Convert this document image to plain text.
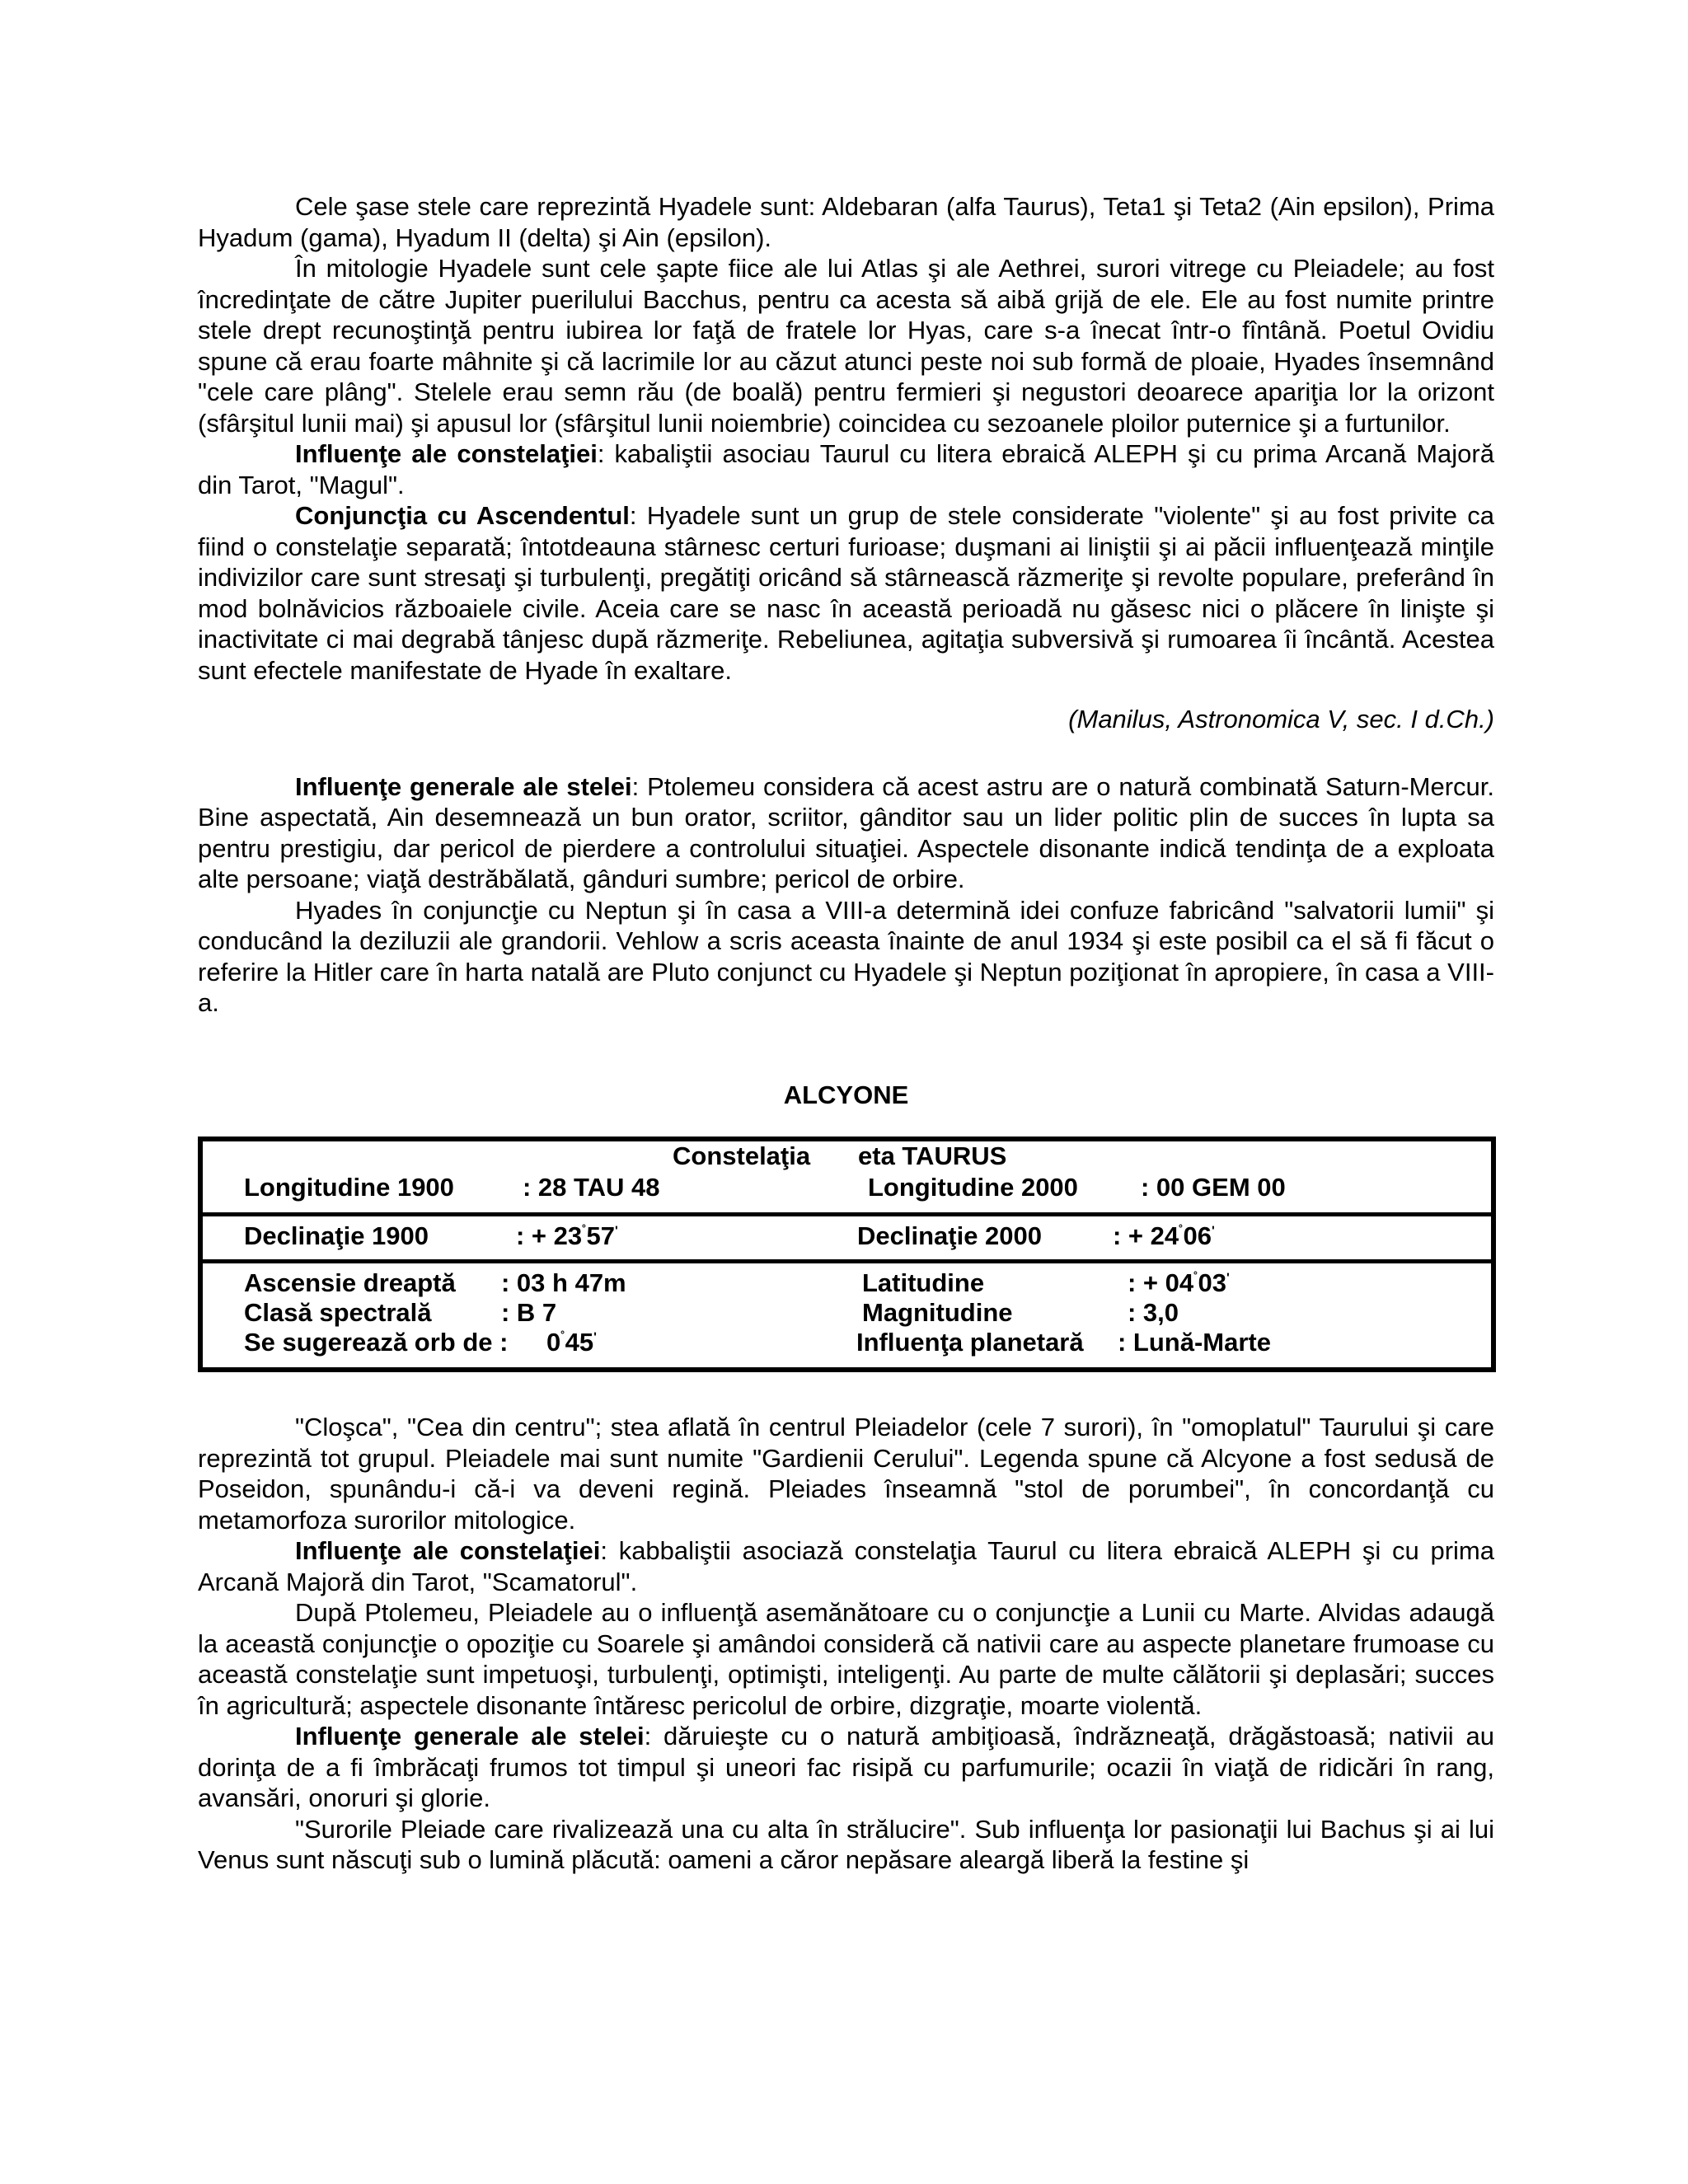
Cele şase stele care reprezintă Hyadele sunt: Aldebaran (alfa Taurus), Teta1 şi Teta2 (Ain epsilon), Prima Hyadum (gama), Hyadum II (delta) şi Ain (epsilon).

În mitologie Hyadele sunt cele şapte fiice ale lui Atlas şi ale Aethrei, surori vitrege cu Pleiadele; au fost încredinţate de către Jupiter puerilului Bacchus, pentru ca acesta să aibă grijă de ele. Ele au fost numite printre stele drept recunoştinţă pentru iubirea lor faţă de fratele lor Hyas, care s-a înecat într-o fîntână. Poetul Ovidiu spune că erau foarte mâhnite şi că lacrimile lor au căzut atunci peste noi sub formă de ploaie, Hyades însemnând "cele care plâng". Stelele erau semn rău (de boală) pentru fermieri şi negustori deoarece apariţia lor la orizont (sfârşitul lunii mai) şi apusul lor (sfârşitul lunii noiembrie) coincidea cu sezoanele ploilor puternice şi a furtunilor.

Influenţe ale constelaţiei: kabaliştii asociau Taurul cu litera ebraică ALEPH şi cu prima Arcană Majoră din Tarot, "Magul".

Conjuncţia cu Ascendentul: Hyadele sunt un grup de stele considerate "violente" şi au fost privite ca fiind o constelaţie separată; întotdeauna stârnesc certuri furioase; duşmani ai liniştii şi ai păcii influenţează minţile indivizilor care sunt stresaţi şi turbulenţi, pregătiţi oricând să stârnească răzmeriţe şi revolte populare, preferând în mod bolnăvicios războaiele civile. Aceia care se nasc în această perioadă nu găsesc nici o plăcere în linişte şi inactivitate ci mai degrabă tânjesc după răzmeriţe. Rebeliunea, agitaţia subversivă şi rumoarea îi încântă. Acestea sunt efectele manifestate de Hyade în exaltare.

(Manilus, Astronomica V, sec. I d.Ch.)

Influenţe generale ale stelei: Ptolemeu considera că acest astru are o natură combinată Saturn-Mercur. Bine aspectată, Ain desemnează un bun orator, scriitor, gânditor sau un lider politic plin de succes în lupta sa pentru prestigiu, dar pericol de pierdere a controlului situaţiei. Aspectele disonante indică tendinţa de a exploata alte persoane; viaţă destrăbălată, gânduri sumbre; pericol de orbire.

Hyades în conjuncţie cu Neptun şi în casa a VIII-a determină idei confuze fabricând "salvatorii lumii" şi conducând la deziluzii ale grandorii. Vehlow a scris aceasta înainte de anul 1934 şi este posibil ca el să fi făcut o referire la Hitler care în harta natală are Pluto conjunct cu Hyadele şi Neptun poziţionat în apropiere, în casa a VIII-a.

ALCYONE

Constelaţia eta TAURUS
Longitudine 1900	: 28 TAU 48	Longitudine 2000 : 00 GEM 00
Declinaţie 1900	: + $23^˚57^ʹ$	Declinaţie 2000	: + $24^˚06^ʹ$
Ascensie dreaptă : 03 h 47m	Latitudine	: + $04^˚03^ʹ$
Clasă spectrală	: B 7	Magnitudine	: 3,0
Se sugerează orb de : $0^˚45^ʹ$	Influenţa planetară : Lună-Marte

"Cloşca", "Cea din centru"; stea aflată în centrul Pleiadelor (cele 7 surori), în "omoplatul" Taurului şi care reprezintă tot grupul. Pleiadele mai sunt numite "Gardienii Cerului". Legenda spune că Alcyone a fost sedusă de Poseidon, spunându-i că-i va deveni regină. Pleiades înseamnă "stol de porumbei", în concordanţă cu metamorfoza surorilor mitologice.

Influenţe ale constelaţiei: kabbaliştii asociază constelaţia Taurul cu litera ebraică ALEPH şi cu prima Arcană Majoră din Tarot, "Scamatorul".

După Ptolemeu, Pleiadele au o influenţă asemănătoare cu o conjuncţie a Lunii cu Marte. Alvidas adaugă la această conjuncţie o opoziţie cu Soarele şi amândoi consideră că nativii care au aspecte planetare frumoase cu această constelaţie sunt impetuoşi, turbulenţi, optimişti, inteligenţi. Au parte de multe călătorii şi deplasări; succes în agricultură; aspectele disonante întăresc pericolul de orbire, dizgraţie, moarte violentă.

Influenţe generale ale stelei: dăruieşte cu o natură ambiţioasă, îndrăzneaţă, drăgăstoasă; nativii au dorinţa de a fi îmbrăcaţi frumos tot timpul şi uneori fac risipă cu parfumurile; ocazii în viaţă de ridicări în rang, avansări, onoruri şi glorie.

"Surorile Pleiade care rivalizează una cu alta în strălucire". Sub influenţa lor pasionaţii lui Bachus şi ai lui Venus sunt născuţi sub o lumină plăcută: oameni a căror nepăsare aleargă liberă la festine şi
